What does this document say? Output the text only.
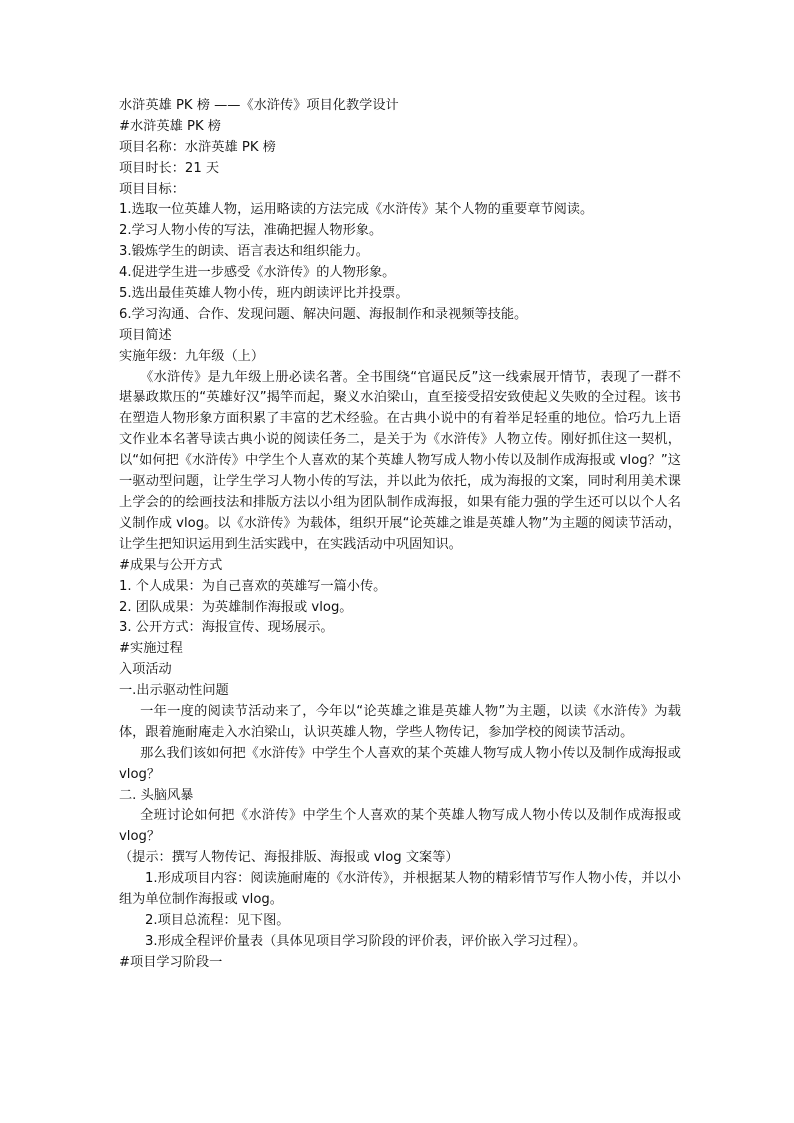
水浒英雄 PK 榜 ——《水浒传》项目化教学设计
#水浒英雄 PK 榜
项目名称：水浒英雄 PK 榜
项目时长：21 天
项目目标：
1.选取一位英雄人物，运用略读的方法完成《水浒传》某个人物的重要章节阅读。
2.学习人物小传的写法，准确把握人物形象。
3.锻炼学生的朗读、语言表达和组织能力。
4.促进学生进一步感受《水浒传》的人物形象。
5.选出最佳英雄人物小传，班内朗读评比并投票。
6.学习沟通、合作、发现问题、解决问题、海报制作和录视频等技能。
项目简述
实施年级：九年级（上）
《水浒传》是九年级上册必读名著。全书围绕“官逼民反”这一线索展开情节，表现了一群不堪暴政欺压的“英雄好汉”揭竿而起，聚义水泊梁山，直至接受招安致使起义失败的全过程。该书在塑造人物形象方面积累了丰富的艺术经验。在古典小说中的有着举足轻重的地位。恰巧九上语文作业本名著导读古典小说的阅读任务二，是关于为《水浒传》人物立传。刚好抓住这一契机，以“如何把《水浒传》中学生个人喜欢的某个英雄人物写成人物小传以及制作成海报或 vlog？”这一驱动型问题，让学生学习人物小传的写法，并以此为依托，成为海报的文案，同时利用美术课上学会的的绘画技法和排版方法以小组为团队制作成海报，如果有能力强的学生还可以以个人名义制作成 vlog。以《水浒传》为载体，组织开展“论英雄之谁是英雄人物”为主题的阅读节活动，让学生把知识运用到生活实践中，在实践活动中巩固知识。
#成果与公开方式
1. 个人成果：为自己喜欢的英雄写一篇小传。
2. 团队成果：为英雄制作海报或 vlog。
3. 公开方式：海报宣传、现场展示。
#实施过程
入项活动
一.出示驱动性问题
一年一度的阅读节活动来了，今年以“论英雄之谁是英雄人物”为主题，以读《水浒传》为载体，跟着施耐庵走入水泊梁山，认识英雄人物，学些人物传记，参加学校的阅读节活动。
那么我们该如何把《水浒传》中学生个人喜欢的某个英雄人物写成人物小传以及制作成海报或 vlog？
二. 头脑风暴
全班讨论如何把《水浒传》中学生个人喜欢的某个英雄人物写成人物小传以及制作成海报或 vlog？
（提示：撰写人物传记、海报排版、海报或 vlog 文案等）
1.形成项目内容：阅读施耐庵的《水浒传》，并根据某人物的精彩情节写作人物小传，并以小组为单位制作海报或 vlog。
2.项目总流程：见下图。
3.形成全程评价量表（具体见项目学习阶段的评价表，评价嵌入学习过程）。
#项目学习阶段一
